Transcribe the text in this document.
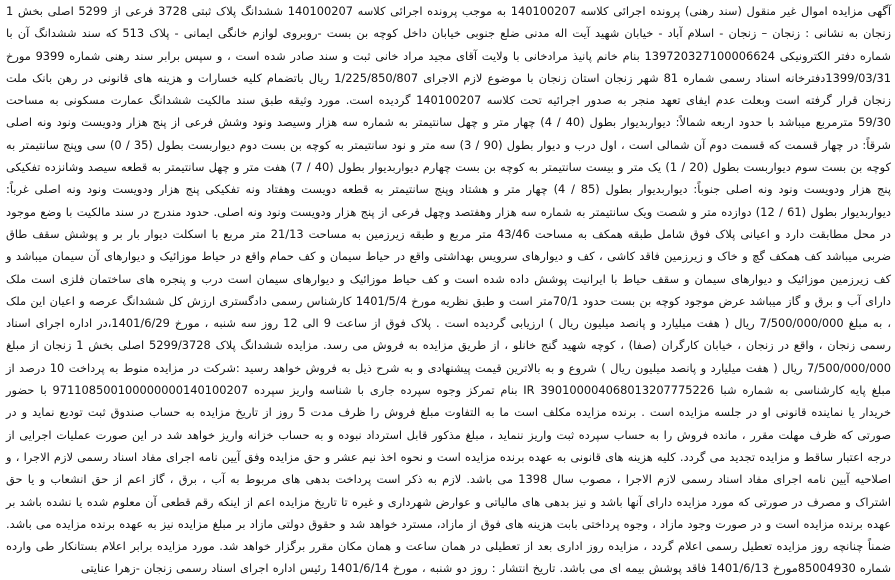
آگهی مزایده اموال غیر منقول (سند رهنی) پرونده اجرائی کلاسه 140100207 به موجب پرونده اجرائی کلاسه 140100207 ششدانگ پلاک ثبتی 3728 فرعی از 5299 اصلی بخش 1 زنجان به نشانی : زنجان – زنجان - اسلام آباد - خیابان شهید آیت اله مدنی ضلع جنوبی خیابان داخل کوچه بن بست -روبروی لوازم خانگی ایمانی - پلاک 513 که سند ششدانگ آن با شماره دفتر الکترونیکی 139720327100006624 بنام خانم پانیذ مرادخانی با ولایت آقای مجید مراد خانی ثبت و سند صادر شده است ، و سپس برابر سند رهنی شماره 9399 مورخ 1399/03/31دفترخانه اسناد رسمی شماره 81 شهر زنجان استان زنجان با موضوع لازم الاجرای 1/225/850/807 ریال باتضمام کلیه خسارات و هزینه های قانونی در رهن بانک ملت زنجان قرار گرفته است وبعلت عدم ایفای تعهد منجر به صدور اجرائیه تحت کلاسه 140100207 گردیده است. مورد وثیقه طبق سند مالکیت ششدانگ عمارت مسکونی به مساحت 59/30 مترمربع میباشد با حدود اربعه شمالاً: دیواربدیوار بطول (40 / 4) چهار متر و چهل سانتیمتر به شماره سه هزار وسیصد ونود وشش فرعی از پنج هزار ودویست ونود ونه اصلی شرقاً: در چهار قسمت که قسمت دوم آن شمالی است ، اول درب و دیوار بطول (90 / 3) سه متر و نود سانتیمتر به کوچه بن بست دوم دیواربست بطول (35 / 0) سی وپنج سانتیمتر به کوچه بن بست سوم دیواربست بطول (20 / 1) یک متر و بیست سانتیمتر به کوچه بن بست چهارم دیواربدیوار بطول (40 / 7) هفت متر و چهل سانتیمتر به قطعه سیصد وشانزده تفکیکی پنج هزار ودویست ونود ونه اصلی جنوباً: دیواربدیوار بطول (85 / 4) چهار متر و هشتاد وپنج سانتیمتر به قطعه دویست وهفتاد ونه تفکیکی پنج هزار ودویست ونود ونه اصلی غرباً: دیواربدیوار بطول (61 / 12) دوازده متر و شصت ویک سانتیمتر به شماره سه هزار وهفتصد وچهل فرعی از پنج هزار ودویست ونود ونه اصلی. حدود مندرج در سند مالکیت با وضع موجود در محل مطابقت دارد و اعیانی پلاک فوق شامل طبقه همکف به مساحت 43/46 متر مربع و طبقه زیرزمین به مساحت 21/13 متر مربع با اسکلت دیوار بار بر و پوشش سقف طاق ضربی میباشد کف همکف گچ و خاک و زیرزمین فاقد کاشی ، کف و دیوارهای سرویس بهداشتی واقع در حیاط سیمان و کف حمام واقع در حیاط موزائیک و دیوارهای آن سیمان میباشد و کف زیرزمین موزائیک و دیوارهای سیمان و سقف حیاط با ایرانیت پوشش داده شده است و کف حیاط موزائیک و دیوارهای سیمان است درب و پنجره های ساختمان فلزی است ملک دارای آب و برق و گاز میباشد عرض موجود کوچه بن بست حدود 70/1متر است و طبق نظریه مورخ 1401/5/4 کارشناس رسمی دادگستری ارزش کل ششدانگ عرصه و اعیان این ملک ، به مبلغ 7/500/000/000 ریال ( هفت میلیارد و پانصد میلیون ریال ) ارزیابی گردیده است . پلاک فوق از ساعت 9 الی 12 روز سه شنبه ، مورخ 1401/6/29،در اداره اجرای اسناد رسمی زنجان ، واقع در زنجان ، خیابان کارگران (صفا) ، کوچه شهید گنج خانلو ، از طریق مزایده به فروش می رسد. مزایده ششدانگ پلاک 5299/3728 اصلی بخش 1 زنجان از مبلغ 7/500/000/000 ریال ( هفت میلیارد و پانصد میلیون ریال ) شروع و به بالاترین قیمت پیشنهادی و به شرح ذیل به فروش خواهد رسید :شرکت در مزایده منوط به پرداخت 10 درصد از مبلغ پایه کارشناسی به شماره شبا IR 390100004068013207775226 بنام تمرکز وجوه سپرده جاری با شناسه واریز سپرده 971108500100000000140100207 با حضور خریدار یا نماینده قانونی او در جلسه مزایده است . برنده مزایده مکلف است ما به التفاوت مبلغ فروش را ظرف مدت 5 روز از تاریخ مزایده به حساب صندوق ثبت تودیع نماید و در صورتی که ظرف مهلت مقرر ، مانده فروش را به حساب سپرده ثبت واریز ننماید ، مبلغ مذکور قابل استرداد نبوده و به حساب خزانه واریز خواهد شد در این صورت عملیات اجرایی از درجه اعتبار ساقط و مزایده تجدید می گردد. کلیه هزینه های قانونی به عهده برنده مزایده است و نحوه اخذ نیم عشر و حق مزایده وفق آیین نامه اجرای مفاد اسناد رسمی لازم الاجرا ، و اصلاحیه آیین نامه اجرای مفاد اسناد رسمی لازم الاجرا ، مصوب سال 1398 می باشد. لازم به ذکر است پرداخت بدهی های مربوط به آب ، برق ، گاز اعم از حق انشعاب و یا حق اشتراک و مصرف در صورتی که مورد مزایده دارای آنها باشد و نیز بدهی های مالیاتی و عوارض شهرداری و غیره تا تاریخ مزایده اعم از اینکه رقم قطعی آن معلوم شده یا نشده باشد بر عهده برنده مزایده است و در صورت وجود مازاد ، وجوه پرداختی بابت هزینه های فوق از مازاد، مسترد خواهد شد و حقوق دولتی مازاد بر مبلغ مزایده نیز به عهده برنده مزایده می باشد. ضمناً چنانچه روز مزایده تعطیل رسمی اعلام گردد ، مزایده روز اداری بعد از تعطیلی در همان ساعت و همان مکان مقرر برگزار خواهد شد. مورد مزایده برابر اعلام بستانکار طی وارده شماره 85004930مورخ 1401/6/13 فاقد پوشش بیمه ای می باشد. تاریخ انتشار : روز دو شنبه ، مورخ 1401/6/14 رئیس اداره اجرای اسناد رسمی زنجان -زهرا عنایتی
